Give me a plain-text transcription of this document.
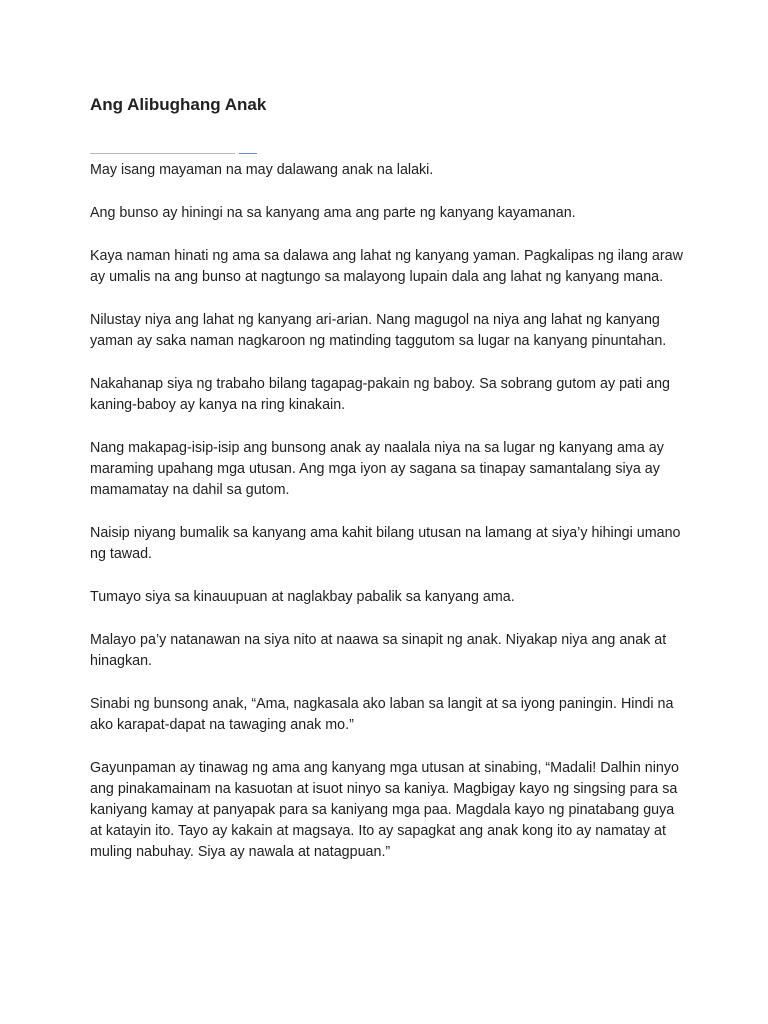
Ang Alibughang Anak

May isang mayaman na may dalawang anak na lalaki.

Ang bunso ay hiningi na sa kanyang ama ang parte ng kanyang kayamanan.

Kaya naman hinati ng ama sa dalawa ang lahat ng kanyang yaman. Pagkalipas ng ilang araw ay umalis na ang bunso at nagtungo sa malayong lupain dala ang lahat ng kanyang mana.

Nilustay niya ang lahat ng kanyang ari-arian. Nang magugol na niya ang lahat ng kanyang yaman ay saka naman nagkaroon ng matinding taggutom sa lugar na kanyang pinuntahan.

Nakahanap siya ng trabaho bilang tagapag-pakain ng baboy. Sa sobrang gutom ay pati ang kaning-baboy ay kanya na ring kinakain.

Nang makapag-isip-isip ang bunsong anak ay naalala niya na sa lugar ng kanyang ama ay maraming upahang mga utusan. Ang mga iyon ay sagana sa tinapay samantalang siya ay mamamatay na dahil sa gutom.

Naisip niyang bumalik sa kanyang ama kahit bilang utusan na lamang at siya’y hihingi umano ng tawad.

Tumayo siya sa kinauupuan at naglakbay pabalik sa kanyang ama.

Malayo pa’y natanawan na siya nito at naawa sa sinapit ng anak. Niyakap niya ang anak at hinagkan.

Sinabi ng bunsong anak, “Ama, nagkasala ako laban sa langit at sa iyong paningin. Hindi na ako karapat-dapat na tawaging anak mo.”

Gayunpaman ay tinawag ng ama ang kanyang mga utusan at sinabing, “Madali! Dalhin ninyo ang pinakamainam na kasuotan at isuot ninyo sa kaniya. Magbigay kayo ng singsing para sa kaniyang kamay at panyapak para sa kaniyang mga paa. Magdala kayo ng pinatabang guya at katayin ito. Tayo ay kakain at magsaya. Ito ay sapagkat ang anak kong ito ay namatay at muling nabuhay. Siya ay nawala at natagpuan.”
